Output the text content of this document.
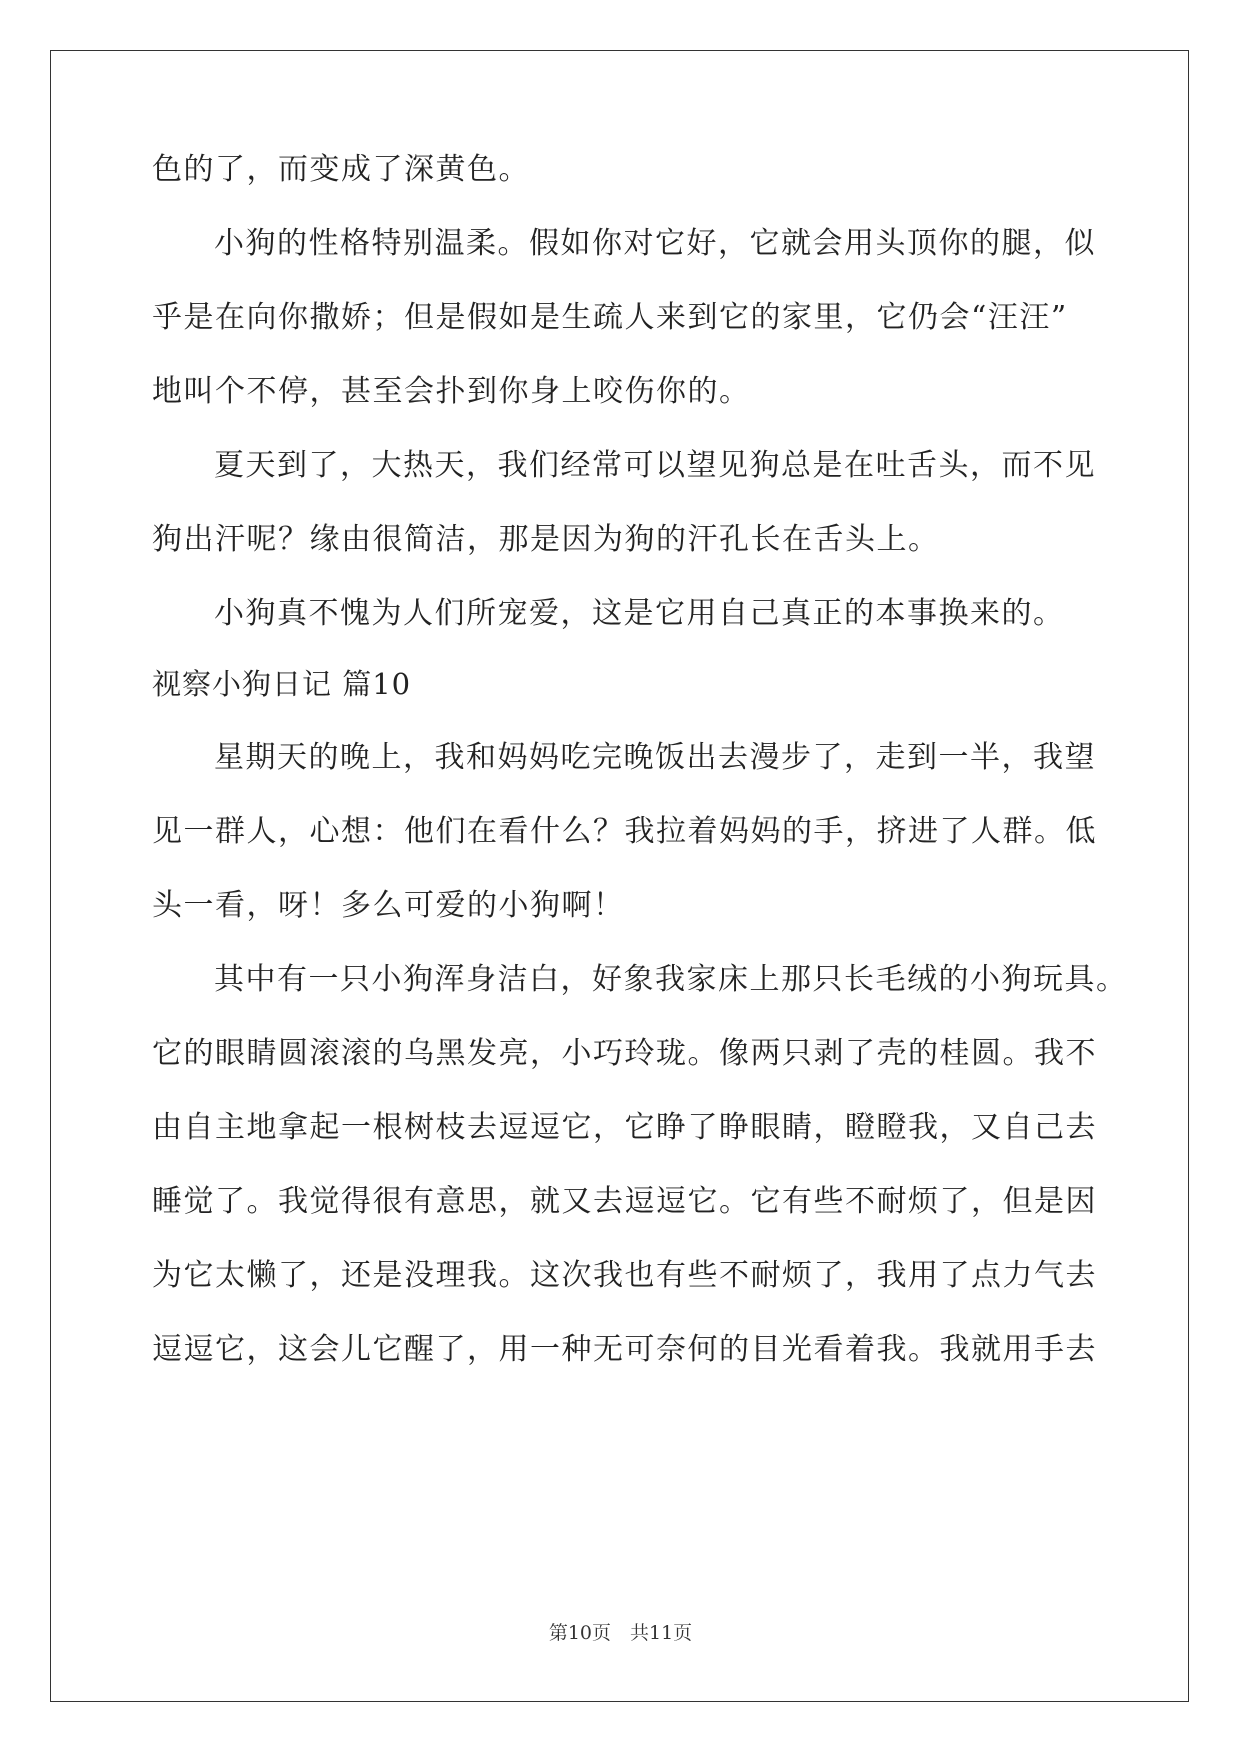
色的了，而变成了深黄色。
小狗的性格特别温柔。假如你对它好，它就会用头顶你的腿，似
乎是在向你撒娇；但是假如是生疏人来到它的家里，它仍会“汪汪”
地叫个不停，甚至会扑到你身上咬伤你的。
夏天到了，大热天，我们经常可以望见狗总是在吐舌头，而不见
狗出汗呢？缘由很简洁，那是因为狗的汗孔长在舌头上。
小狗真不愧为人们所宠爱，这是它用自己真正的本事换来的。
视察小狗日记 篇10
星期天的晚上，我和妈妈吃完晚饭出去漫步了，走到一半，我望
见一群人，心想：他们在看什么？我拉着妈妈的手，挤进了人群。低
头一看，呀！多么可爱的小狗啊！
其中有一只小狗浑身洁白，好象我家床上那只长毛绒的小狗玩具。
它的眼睛圆滚滚的乌黑发亮，小巧玲珑。像两只剥了壳的桂圆。我不
由自主地拿起一根树枝去逗逗它，它睁了睁眼睛，瞪瞪我，又自己去
睡觉了。我觉得很有意思，就又去逗逗它。它有些不耐烦了，但是因
为它太懒了，还是没理我。这次我也有些不耐烦了，我用了点力气去
逗逗它，这会儿它醒了，用一种无可奈何的目光看着我。我就用手去
第10页　共11页
